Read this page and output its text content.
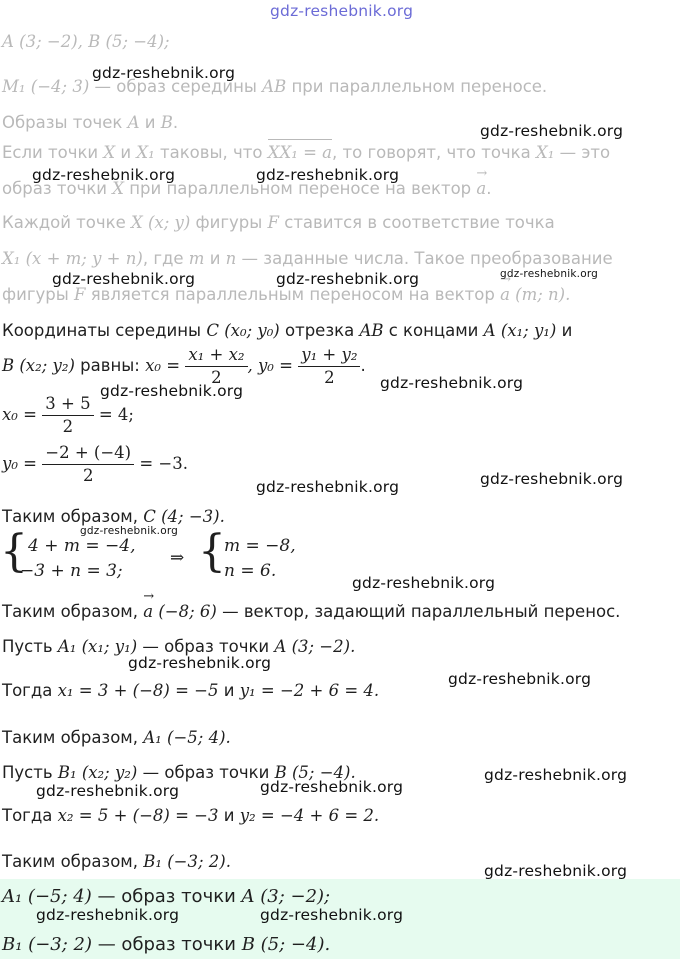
gdz-reshebnik.org
A (3; −2), B (5; −4);
M₁ (−4; 3) — образ середины AB при параллельном переносе.
Образы точек A и B.
Если точки X и X₁ таковы, что XX₁ = a, то говорят, что точка X₁ — это
образ точки X при параллельном переносе на вектор → a.
Каждой точке X (x; y) фигуры F ставится в соответствие точка
X₁ (x + m; y + n), где m и n — заданные числа. Такое преобразование
фигуры F является параллельным переносом на вектор → a (m; n).
Координаты середины C (x₀; y₀) отрезка AB с концами A (x₁; y₁) и
B (x₂; y₂) равны: $x_0 = \frac{\text{x₁ + x₂}}{2}$ , $y_0 = \frac{\text{y₁ + y₂}}{2}$ .
$x_0 = \frac{3 + 5}{2} = 4$;
$y_0 = \frac{-2 + (-4)}{2} = -3$.
Таким образом, C (4; −3).
{ 4 + m = −4,
−3 + n = 3;
⇒ {
m = −8,
n = 6.
Таким образом, → a (−8; 6) — вектор, задающий параллельный перенос.
Пусть A₁ (x₁; y₁) — образ точки A (3; −2).
Тогда x₁ = 3 + (−8) = −5 и y₁ = −2 + 6 = 4.
Таким образом, A₁ (−5; 4).
Пусть B₁ (x₂; y₂) — образ точки B (5; −4).
Тогда x₂ = 5 + (−8) = −3 и y₂ = −4 + 6 = 2.
Таким образом, B₁ (−3; 2).
A₁ (−5; 4) — образ точки A (3; −2);
B₁ (−3; 2) — образ точки B (5; −4).
gdz-reshebnik.org
gdz-reshebnik.org
gdz-reshebnik.org	gdz-reshebnik.org
gdz-reshebnik.org	gdz-reshebnik.org	gdz-reshebnik.org
gdz-reshebnik.org
gdz-reshebnik.org
gdz-reshebnik.org
gdz-reshebnik.org
gdz-reshebnik.org
gdz-reshebnik.org
gdz-reshebnik.org
gdz-reshebnik.org
gdz-reshebnik.org
gdz-reshebnik.org
gdz-reshebnik.org
gdz-reshebnik.org
gdz-reshebnik.org	gdz-reshebnik.org
